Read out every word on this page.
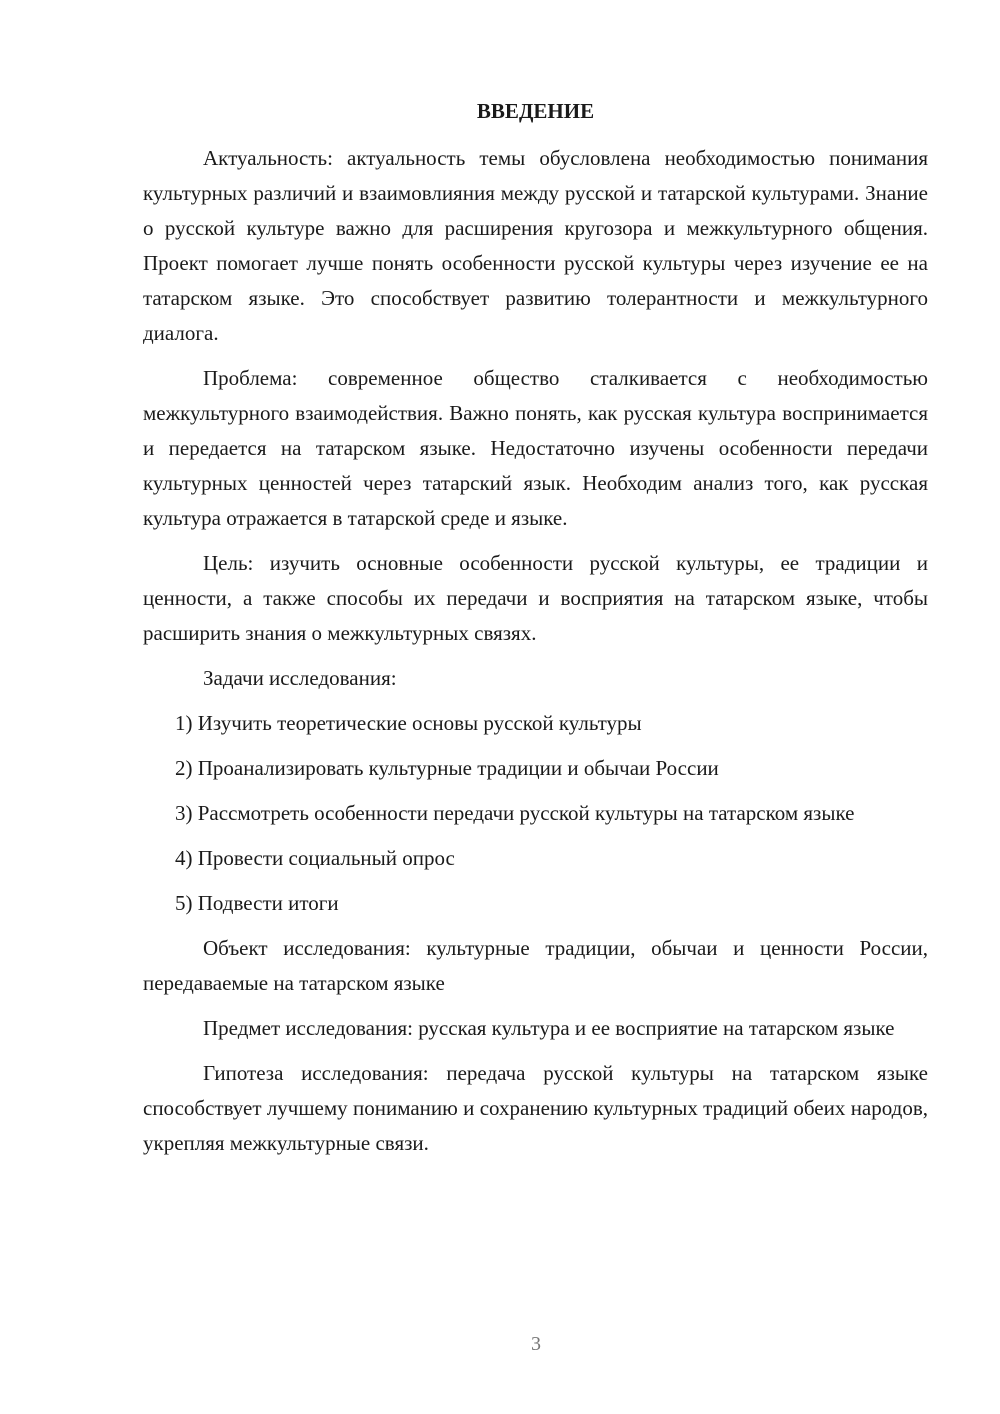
ВВЕДЕНИЕ

Актуальность: актуальность темы обусловлена необходимостью понимания культурных различий и взаимовлияния между русской и татарской культурами. Знание о русской культуре важно для расширения кругозора и межкультурного общения. Проект помогает лучше понять особенности русской культуры через изучение ее на татарском языке. Это способствует развитию толерантности и межкультурного диалога.

Проблема: современное общество сталкивается с необходимостью межкультурного взаимодействия. Важно понять, как русская культура воспринимается и передается на татарском языке. Недостаточно изучены особенности передачи культурных ценностей через татарский язык. Необходим анализ того, как русская культура отражается в татарской среде и языке.

Цель: изучить основные особенности русской культуры, ее традиции и ценности, а также способы их передачи и восприятия на татарском языке, чтобы расширить знания о межкультурных связях.

Задачи исследования:

1) Изучить теоретические основы русской культуры

2) Проанализировать культурные традиции и обычаи России

3) Рассмотреть особенности передачи русской культуры на татарском языке

4) Провести социальный опрос

5) Подвести итоги

Объект исследования: культурные традиции, обычаи и ценности России, передаваемые на татарском языке

Предмет исследования: русская культура и ее восприятие на татарском языке

Гипотеза исследования: передача русской культуры на татарском языке способствует лучшему пониманию и сохранению культурных традиций обеих народов, укрепляя межкультурные связи.

3
